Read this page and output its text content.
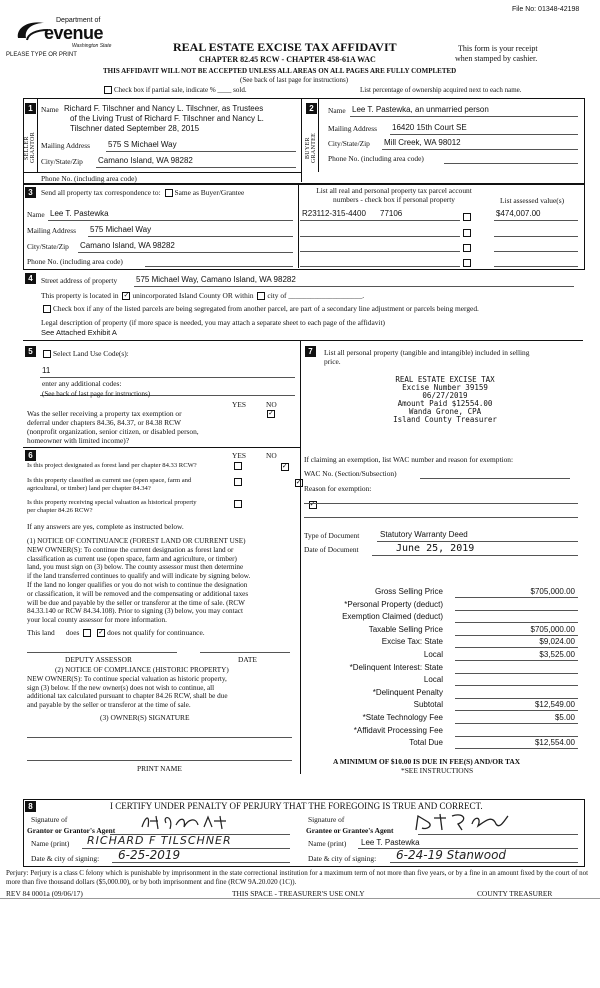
File No: 01348-42198
Department of
evenue
Washington State
PLEASE TYPE OR PRINT
REAL ESTATE EXCISE TAX AFFIDAVIT
CHAPTER 82.45 RCW - CHAPTER 458-61A WAC
This form is your receipt
when stamped by cashier.
THIS AFFIDAVIT WILL NOT BE ACCEPTED UNLESS ALL AREAS ON ALL PAGES ARE FULLY COMPLETED
(See back of last page for instructions)
Check box if partial sale, indicate % ____ sold.	List percentage of ownership acquired next to each name.
1	2
SELLER GRANTOR	BUYER GRANTEE
Name Richard F. Tilschner and Nancy L. Tilschner, as Trustees
of the Living Trust of Richard F. Tilschner and Nancy L.
Tilschner dated September 28, 2015
Mailing Address 575 S Michael Way
City/State/Zip Camano Island, WA 98282
Phone No. (including area code)
Name Lee T. Pastewka, an unmarried person
Mailing Address 16420 15th Court SE
City/State/Zip Mill Creek, WA 98012
Phone No. (including area code)
3	Send all property tax correspondence to: Same as Buyer/Grantee
Name Lee T. Pastewka
Mailing Address 575 Michael Way
City/State/Zip Camano Island, WA 98282
Phone No. (including area code)
List all real and personal property tax parcel account
numbers - check box if personal property	List assessed value(s)
R23112-315-4400 77106	$474,007.00
4	Street address of property 575 Michael Way, Camano Island, WA 98282
This property is located in ✓ unincorporated Island County OR within city of ____________________.
Check box if any of the listed parcels are being segregated from another parcel, are part of a secondary line adjustment or parcels being merged.
Legal description of property (if more space is needed, you may attach a separate sheet to each page of the affidavit)
See Attached Exhibit A
5	Select Land Use Code(s):
11
enter any additional codes:
(See back of last page for instructions)
YES	NO
Was the seller receiving a property tax exemption or
deferral under chapters 84.36, 84.37, or 84.38 RCW
(nonprofit organization, senior citizen, or disabled person,
homeowner with limited income)?
✓
6	YES	NO
Is this project designated as forest land per chapter 84.33 RCW?	✓
Is this property classified as current use (open space, farm and
agricultural, or timber) land per chapter 84.34?
✓
Is this property receiving special valuation as historical property
per chapter 84.26 RCW?
✓
If any answers are yes, complete as instructed below.
(1) NOTICE OF CONTINUANCE (FOREST LAND OR CURRENT USE)
NEW OWNER(S): To continue the current designation as forest land or
classification as current use (open space, farm and agriculture, or timber)
land, you must sign on (3) below. The county assessor must then determine
if the land transferred continues to qualify and will indicate by signing below.
If the land no longer qualifies or you do not wish to continue the designation
or classification, it will be removed and the compensating or additional taxes
will be due and payable by the seller or transferor at the time of sale. (RCW
84.33.140 or RCW 84.34.108). Prior to signing (3) below, you may contact
your local county assessor for more information.
This land does	✓ does not qualify for continuance.
DEPUTY ASSESSOR	DATE
(2) NOTICE OF COMPLIANCE (HISTORIC PROPERTY)
NEW OWNER(S): To continue special valuation as historic property,
sign (3) below. If the new owner(s) does not wish to continue, all
additional tax calculated pursuant to chapter 84.26 RCW, shall be due
and payable by the seller or transferor at the time of sale.
(3) OWNER(S) SIGNATURE
PRINT NAME
7	List all personal property (tangible and intangible) included in selling
price.
REAL ESTATE EXCISE TAX
Excise Number 39159
06/27/2019
Amount Paid $12554.00
Wanda Grone, CPA
Island County Treasurer
If claiming an exemption, list WAC number and reason for exemption:
WAC No. (Section/Subsection)
Reason for exemption:
Type of Document	Statutory Warranty Deed
Date of Document	June 25, 2019
Gross Selling Price	$705,000.00
*Personal Property (deduct)
Exemption Claimed (deduct)
Taxable Selling Price	$705,000.00
Excise Tax: State	$9,024.00
Local	$3,525.00
*Delinquent Interest: State
Local
*Delinquent Penalty
Subtotal	$12,549.00
*State Technology Fee	$5.00
*Affidavit Processing Fee
Total Due	$12,554.00
A MINIMUM OF $10.00 IS DUE IN FEE(S) AND/OR TAX
*SEE INSTRUCTIONS
8	I CERTIFY UNDER PENALTY OF PERJURY THAT THE FOREGOING IS TRUE AND CORRECT.
Signature of
Grantor or Grantor's Agent
Name (print) RICHARD F TILSCHNER
Date & city of signing: 6-25-2019
Signature of
Grantee or Grantee's Agent
Name (print) Lee T. Pastewka
Date & city of signing: 6-24-19 Stanwood
Perjury: Perjury is a class C felony which is punishable by imprisonment in the state correctional institution for a maximum term of not more than five years, or by a fine in an amount fixed by the court of not more than five thousand dollars ($5,000.00), or by both imprisonment and fine (RCW 9A.20.020 (1C)).
REV 84 0001a (09/06/17)	THIS SPACE - TREASURER'S USE ONLY	COUNTY TREASURER
